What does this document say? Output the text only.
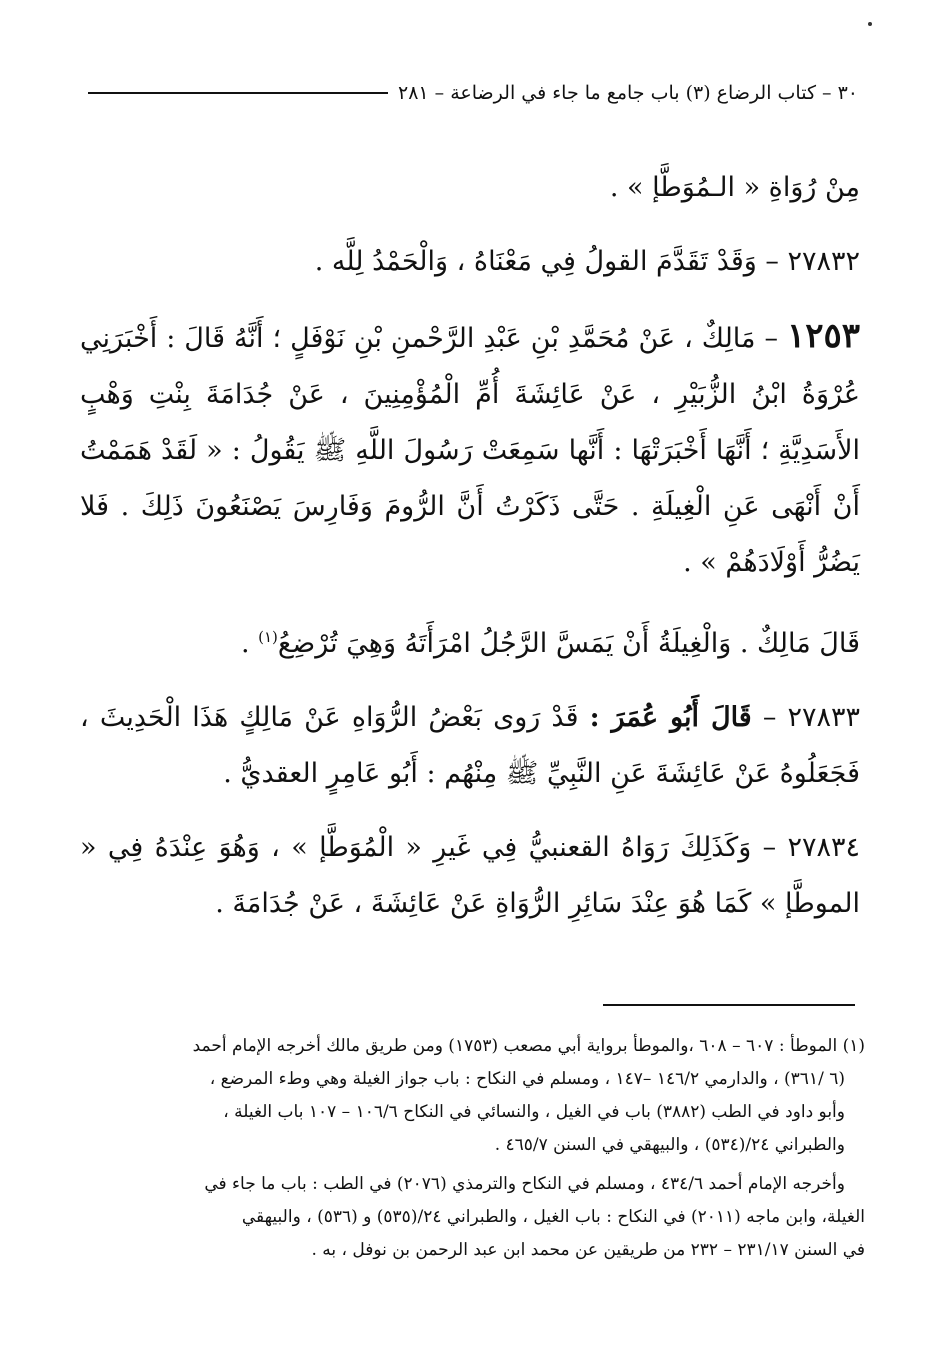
٣٠ – كتاب الرضاع (٣) باب جامع ما جاء في الرضاعة – ٢٨١

مِنْ رُوَاةِ « الـمُوَطَّإ » .

٢٧٨٣٢ – وَقَدْ تَقَدَّمَ القولُ فِي مَعْنَاهُ ، وَالْحَمْدُ لِلَّه .

١٢٥٣ – مَالِكٌ ، عَنْ مُحَمَّدِ بْنِ عَبْدِ الرَّحْمنِ بْنِ نَوْفَلٍ ؛ أَنَّهُ قَالَ : أَخْبَرَنِي عُرْوَةُ ابْنُ الزُّبَيْرِ ، عَنْ عَائِشَةَ أُمِّ الْمُؤْمِنِينَ ، عَنْ جُدَامَةَ بِنْتِ وَهْبٍ الأَسَدِيَّةِ ؛ أَنَّهَا أَخْبَرَتْهَا : أَنَّها سَمِعَتْ رَسُولَ اللَّهِ ﷺ يَقُولُ : « لَقَدْ هَمَمْتُ أَنْ أَنْهَى عَنِ الْغِيلَةِ . حَتَّى ذَكَرْتُ أَنَّ الرُّومَ وَفَارِسَ يَصْنَعُونَ ذَلِكَ . فَلا يَضُرُّ أَوْلَادَهُمْ » .

قَالَ مَالِكٌ . وَالْغِيلَةُ أَنْ يَمَسَّ الرَّجُلُ امْرَأَتَهُ وَهِيَ تُرْضِعُ$^{(١)}$ .

٢٧٨٣٣ – قَالَ أَبُو عُمَرَ : قَدْ رَوى بَعْضُ الرُّوَاهِ عَنْ مَالِكٍ هَذَا الْحَدِيثَ ، فَجَعَلُوهُ عَنْ عَائِشَةَ عَنِ النَّبِيِّ ﷺ مِنْهُم : أَبُو عَامِرٍ العقديُّ .

٢٧٨٣٤ – وَكَذَلِكَ رَوَاهُ القعنبيُّ فِي غَيرِ « الْمُوَطَّإ » ، وَهُوَ عِنْدَهُ فِي « الموطَّإ » كَمَا هُوَ عِنْدَ سَائِرِ الرُّوَاةِ عَنْ عَائِشَةَ ، عَنْ جُدَامَةَ .

(١) الموطأ : ٦٠٧ – ٦٠٨ ،والموطأ برواية أبي مصعب (١٧٥٣) ومن طريق مالك أخرجه الإمام أحمد

(٦ /٣٦١) ، والدارمي ١٤٦/٢ –١٤٧ ، ومسلم في النكاح : باب جواز الغيلة وهي وطء المرضع ،

وأبو داود في الطب (٣٨٨٢) باب في الغيل ، والنسائي في النكاح ١٠٦/٦ – ١٠٧ باب الغيلة ،

والطبراني ٢٤/(٥٣٤) ، والبيهقي في السنن ٤٦٥/٧ .

وأخرجه الإمام أحمد ٤٣٤/٦ ، ومسلم في النكاح والترمذي (٢٠٧٦) في الطب : باب ما جاء في

الغيلة، وابن ماجه (٢٠١١) في النكاح : باب الغيل ، والطبراني ٢٤/(٥٣٥) و (٥٣٦) ، والبيهقي

في السنن ٢٣١/١٧ – ٢٣٢ من طريقين عن محمد ابن عبد الرحمن بن نوفل ، به .
